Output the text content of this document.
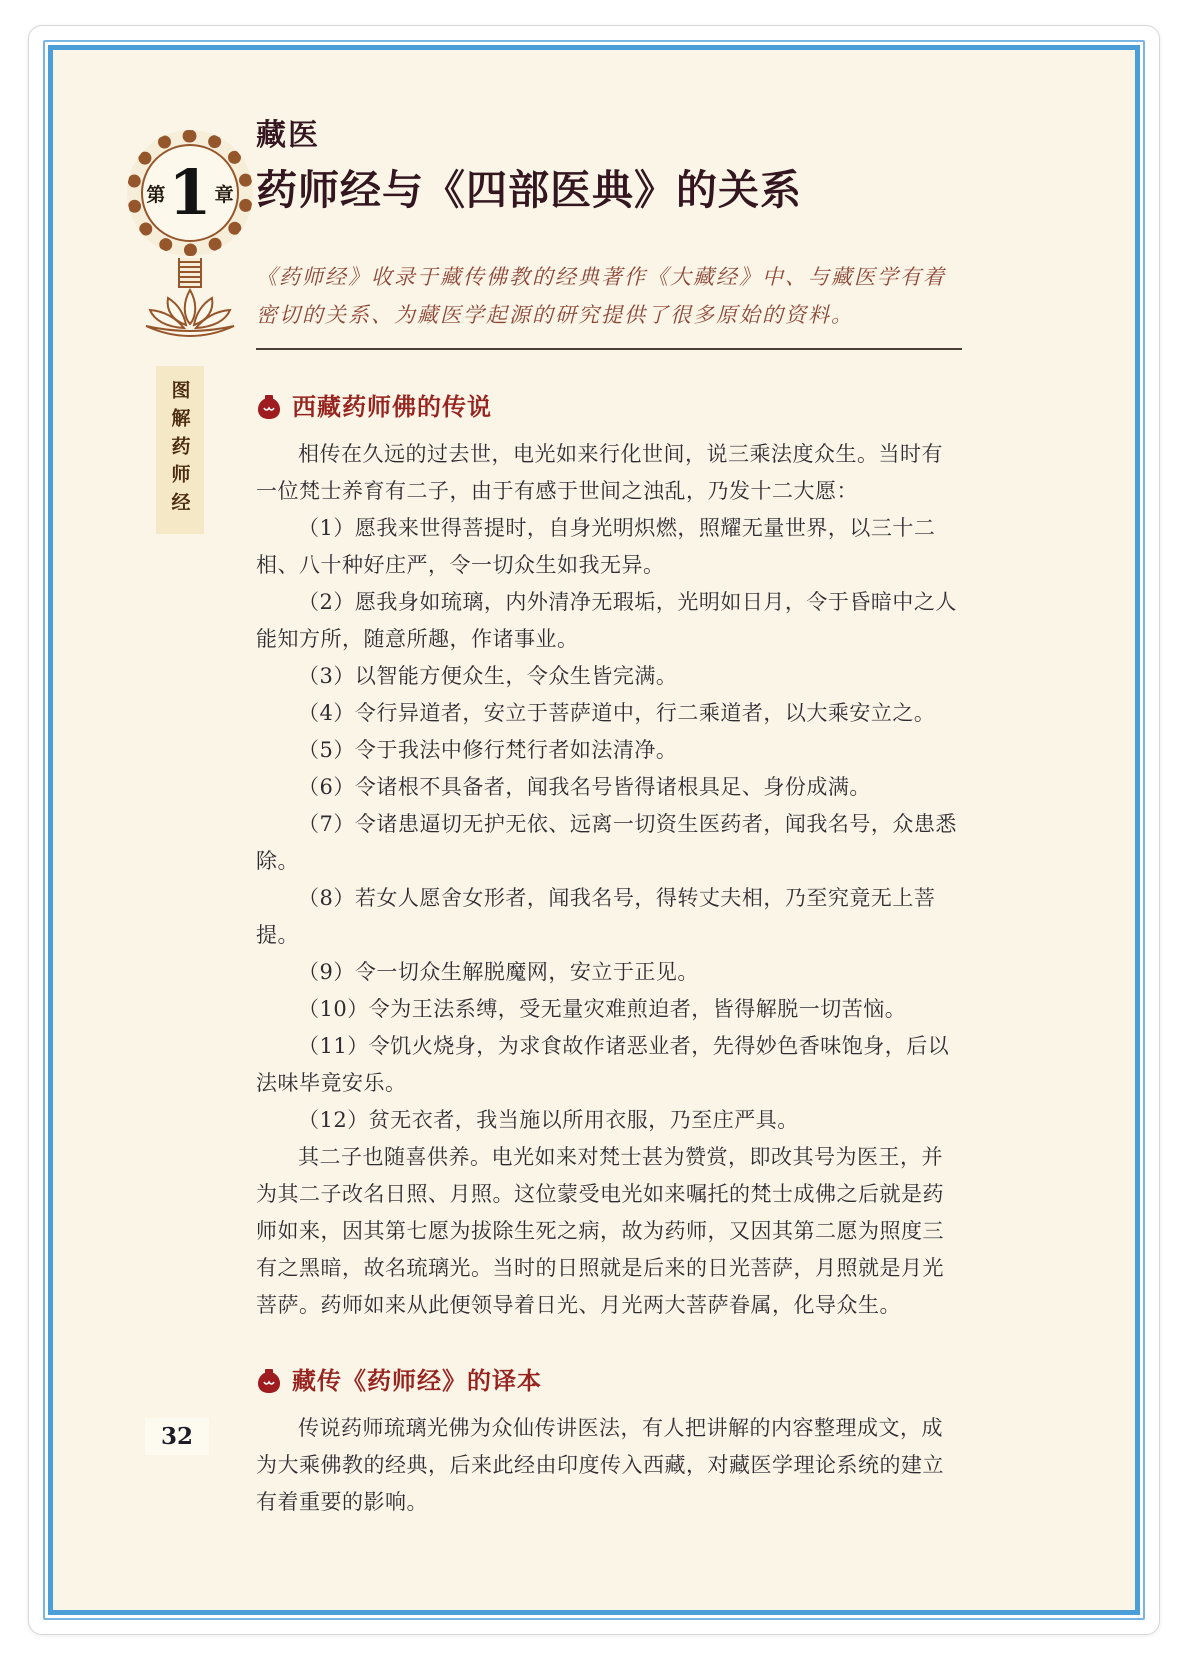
第 1 章
图解药师经
藏医
药师经与《四部医典》的关系

《药师经》收录于藏传佛教的经典著作《大藏经》中、与藏医学有着密切的关系、为藏医学起源的研究提供了很多原始的资料。

西藏药师佛的传说

相传在久远的过去世，电光如来行化世间，说三乘法度众生。当时有一位梵士养育有二子，由于有感于世间之浊乱，乃发十二大愿：

（1）愿我来世得菩提时，自身光明炽燃，照耀无量世界，以三十二相、八十种好庄严，令一切众生如我无异。

（2）愿我身如琉璃，内外清净无瑕垢，光明如日月，令于昏暗中之人能知方所，随意所趣，作诸事业。

（3）以智能方便众生，令众生皆完满。

（4）令行异道者，安立于菩萨道中，行二乘道者，以大乘安立之。

（5）令于我法中修行梵行者如法清净。

（6）令诸根不具备者，闻我名号皆得诸根具足、身份成满。

（7）令诸患逼切无护无依、远离一切资生医药者，闻我名号，众患悉除。

（8）若女人愿舍女形者，闻我名号，得转丈夫相，乃至究竟无上菩提。

（9）令一切众生解脱魔网，安立于正见。

（10）令为王法系缚，受无量灾难煎迫者，皆得解脱一切苦恼。

（11）令饥火烧身，为求食故作诸恶业者，先得妙色香味饱身，后以法味毕竟安乐。

（12）贫无衣者，我当施以所用衣服，乃至庄严具。

其二子也随喜供养。电光如来对梵士甚为赞赏，即改其号为医王，并为其二子改名日照、月照。这位蒙受电光如来嘱托的梵士成佛之后就是药师如来，因其第七愿为拔除生死之病，故为药师，又因其第二愿为照度三有之黑暗，故名琉璃光。当时的日照就是后来的日光菩萨，月照就是月光菩萨。药师如来从此便领导着日光、月光两大菩萨眷属，化导众生。

藏传《药师经》的译本

传说药师琉璃光佛为众仙传讲医法，有人把讲解的内容整理成文，成为大乘佛教的经典，后来此经由印度传入西藏，对藏医学理论系统的建立有着重要的影响。

32
